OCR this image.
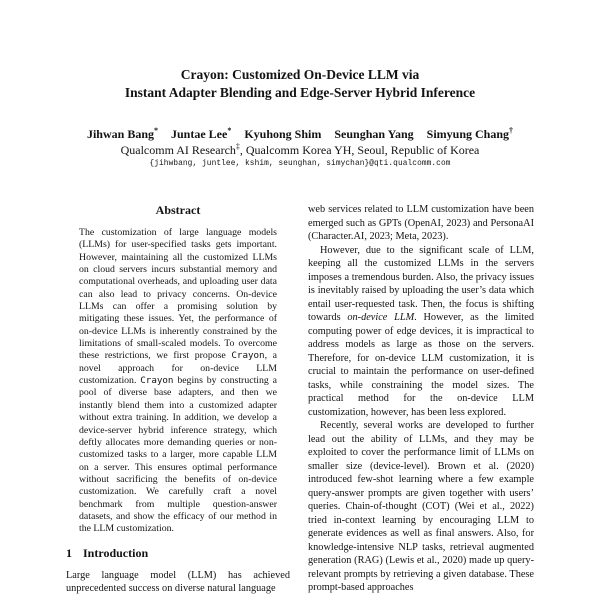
Crayon: Customized On-Device LLM via
Instant Adapter Blending and Edge-Server Hybrid Inference
Jihwan Bang* Juntae Lee* Kyuhong Shim Seunghan Yang Simyung Chang†
Qualcomm AI Research‡, Qualcomm Korea YH, Seoul, Republic of Korea
{jihwbang, juntlee, kshim, seunghan, simychan}@qti.qualcomm.com
Abstract

The customization of large language models (LLMs) for user-specified tasks gets important. However, maintaining all the customized LLMs on cloud servers incurs substantial memory and computational overheads, and uploading user data can also lead to privacy concerns. On-device LLMs can offer a promising solution by mitigating these issues. Yet, the performance of on-device LLMs is inherently constrained by the limitations of small-scaled models. To overcome these restrictions, we first propose Crayon, a novel approach for on-device LLM customization. Crayon begins by constructing a pool of diverse base adapters, and then we instantly blend them into a customized adapter without extra training. In addition, we develop a device-server hybrid inference strategy, which deftly allocates more demanding queries or non-customized tasks to a larger, more capable LLM on a server. This ensures optimal performance without sacrificing the benefits of on-device customization. We carefully craft a novel benchmark from multiple question-answer datasets, and show the efficacy of our method in the LLM customization.

1 Introduction

Large language model (LLM) has achieved unprecedented success on diverse natural language

web services related to LLM customization have been emerged such as GPTs (OpenAI, 2023) and PersonaAI (Character.AI, 2023; Meta, 2023).

However, due to the significant scale of LLM, keeping all the customized LLMs in the servers imposes a tremendous burden. Also, the privacy issues is inevitably raised by uploading the user’s data which entail user-requested task. Then, the focus is shifting towards on-device LLM. However, as the limited computing power of edge devices, it is impractical to address models as large as those on the servers. Therefore, for on-device LLM customization, it is crucial to maintain the performance on user-defined tasks, while constraining the model sizes. The practical method for the on-device LLM customization, however, has been less explored.

Recently, several works are developed to further lead out the ability of LLMs, and they may be exploited to cover the performance limit of LLMs on smaller size (device-level). Brown et al. (2020) introduced few-shot learning where a few example query-answer prompts are given together with users’ queries. Chain-of-thought (COT) (Wei et al., 2022) tried in-context learning by encouraging LLM to generate evidences as well as final answers. Also, for knowledge-intensive NLP tasks, retrieval augmented generation (RAG) (Lewis et al., 2020) made up query-relevant prompts by retrieving a given database. These prompt-based approaches
